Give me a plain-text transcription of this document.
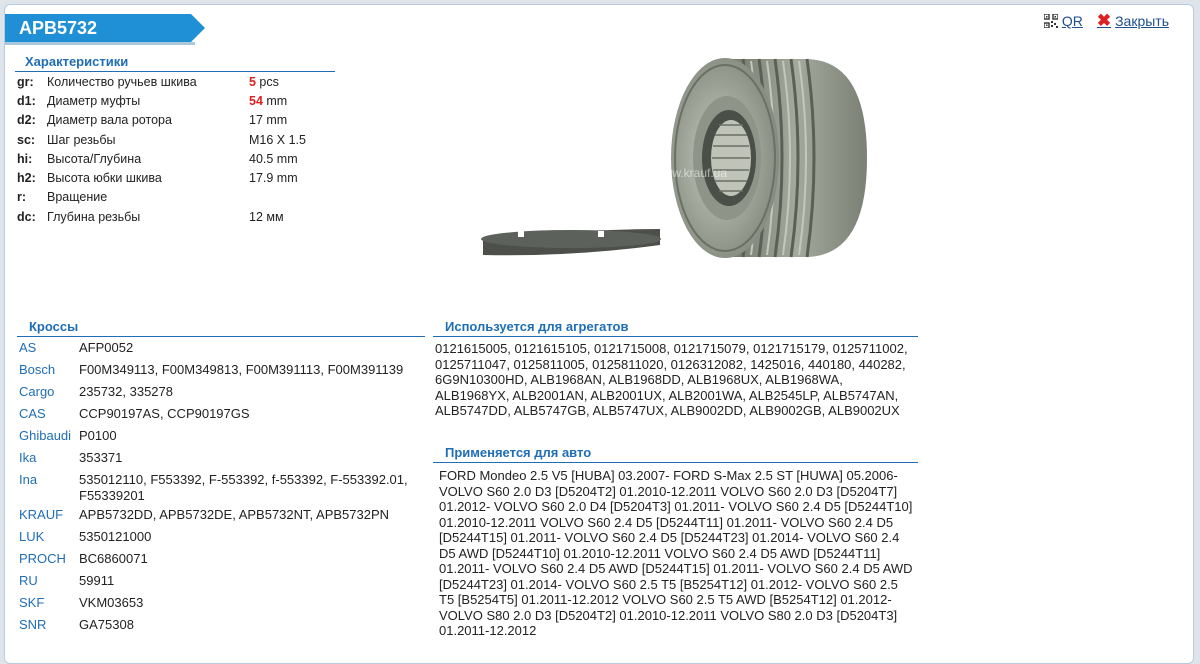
APB5732	QR ✖ Закрыть
Характеристики
gr:	Количество ручьев шкива	5 pcs
d1: Диаметр муфты	54 mm
d2: Диаметр вала ротора	17 mm
sc: Шаг резьбы	M16 X 1.5
hi:	Высота/Глубина	40.5 mm
h2: Высота юбки шкива	17.9 mm
r:	Вращение
dc: Глубина резьбы	12 мм
www.krauf.ua
Кроссы
AS	AFP0052
Bosch	F00M349113, F00M349813, F00M391113, F00M391139
Cargo	235732, 335278
CAS	CCP90197AS, CCP90197GS
Ghibaudi P0100
Ika	353371
Ina	535012110, F553392, F-553392, f-553392, F-553392.01, F55339201
KRAUF	APB5732DD, APB5732DE, APB5732NT, APB5732PN
LUK	5350121000
PROCH	BC6860071
RU	59911
SKF	VKM03653
SNR	GA75308
Используется для агрегатов
0121615005, 0121615105, 0121715008, 0121715079, 0121715179, 0125711002, 0125711047, 0125811005, 0125811020, 0126312082, 1425016, 440180, 440282, 6G9N10300HD, ALB1968AN, ALB1968DD, ALB1968UX, ALB1968WA, ALB1968YX, ALB2001AN, ALB2001UX, ALB2001WA, ALB2545LP, ALB5747AN, ALB5747DD, ALB5747GB, ALB5747UX, ALB9002DD, ALB9002GB, ALB9002UX
Применяется для авто
FORD Mondeo 2.5 V5 [HUBA] 03.2007- FORD S-Max 2.5 ST [HUWA] 05.2006- VOLVO S60 2.0 D3 [D5204T2] 01.2010-12.2011 VOLVO S60 2.0 D3 [D5204T7] 01.2012- VOLVO S60 2.0 D4 [D5204T3] 01.2011- VOLVO S60 2.4 D5 [D5244T10] 01.2010-12.2011 VOLVO S60 2.4 D5 [D5244T11] 01.2011- VOLVO S60 2.4 D5 [D5244T15] 01.2011- VOLVO S60 2.4 D5 [D5244T23] 01.2014- VOLVO S60 2.4 D5 AWD [D5244T10] 01.2010-12.2011 VOLVO S60 2.4 D5 AWD [D5244T11] 01.2011- VOLVO S60 2.4 D5 AWD [D5244T15] 01.2011- VOLVO S60 2.4 D5 AWD [D5244T23] 01.2014- VOLVO S60 2.5 T5 [B5254T12] 01.2012- VOLVO S60 2.5 T5 [B5254T5] 01.2011-12.2012 VOLVO S60 2.5 T5 AWD [B5254T12] 01.2012- VOLVO S80 2.0 D3 [D5204T2] 01.2010-12.2011 VOLVO S80 2.0 D3 [D5204T3] 01.2011-12.2012
